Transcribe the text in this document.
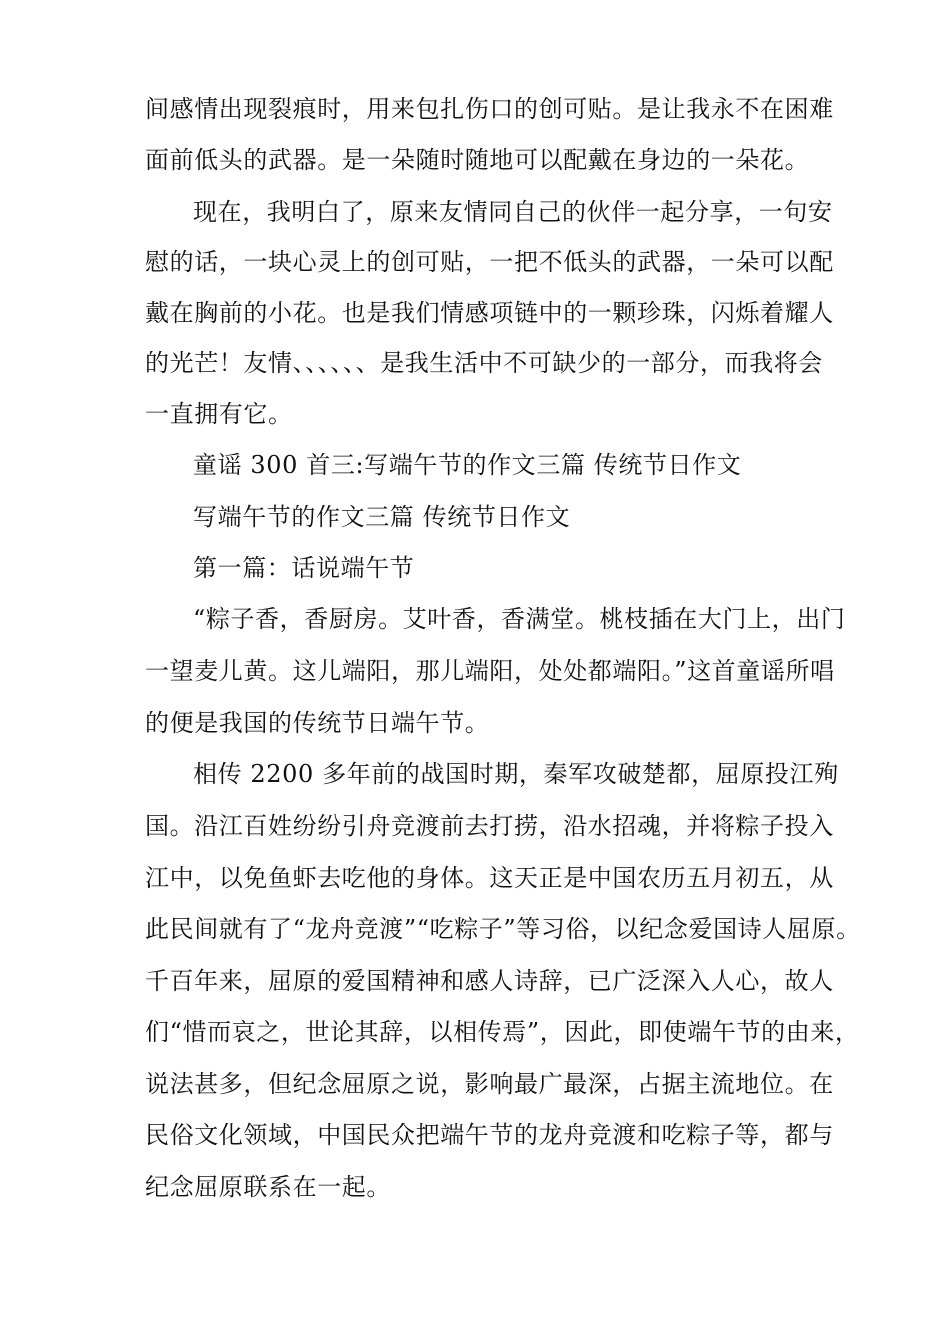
间感情出现裂痕时，用来包扎伤口的创可贴。是让我永不在困难
面前低头的武器。是一朵随时随地可以配戴在身边的一朵花。
现在，我明白了，原来友情同自己的伙伴一起分享，一句安
慰的话，一块心灵上的创可贴，一把不低头的武器，一朵可以配
戴在胸前的小花。也是我们情感项链中的一颗珍珠，闪烁着耀人
的光芒！友情、、、、、、是我生活中不可缺少的一部分，而我将会
一直拥有它。
童谣 300 首三:写端午节的作文三篇 传统节日作文
写端午节的作文三篇 传统节日作文
第一篇：话说端午节
“粽子香，香厨房。艾叶香，香满堂。桃枝插在大门上，出门
一望麦儿黄。这儿端阳，那儿端阳，处处都端阳。”这首童谣所唱
的便是我国的传统节日端午节。
相传 2200 多年前的战国时期，秦军攻破楚都，屈原投江殉
国。沿江百姓纷纷引舟竞渡前去打捞，沿水招魂，并将粽子投入
江中，以免鱼虾去吃他的身体。这天正是中国农历五月初五，从
此民间就有了“龙舟竞渡”“吃粽子”等习俗，以纪念爱国诗人屈原。
千百年来，屈原的爱国精神和感人诗辞，已广泛深入人心，故人
们“惜而哀之，世论其辞，以相传焉”，因此，即使端午节的由来，
说法甚多，但纪念屈原之说，影响最广最深，占据主流地位。在
民俗文化领域，中国民众把端午节的龙舟竞渡和吃粽子等，都与
纪念屈原联系在一起。
